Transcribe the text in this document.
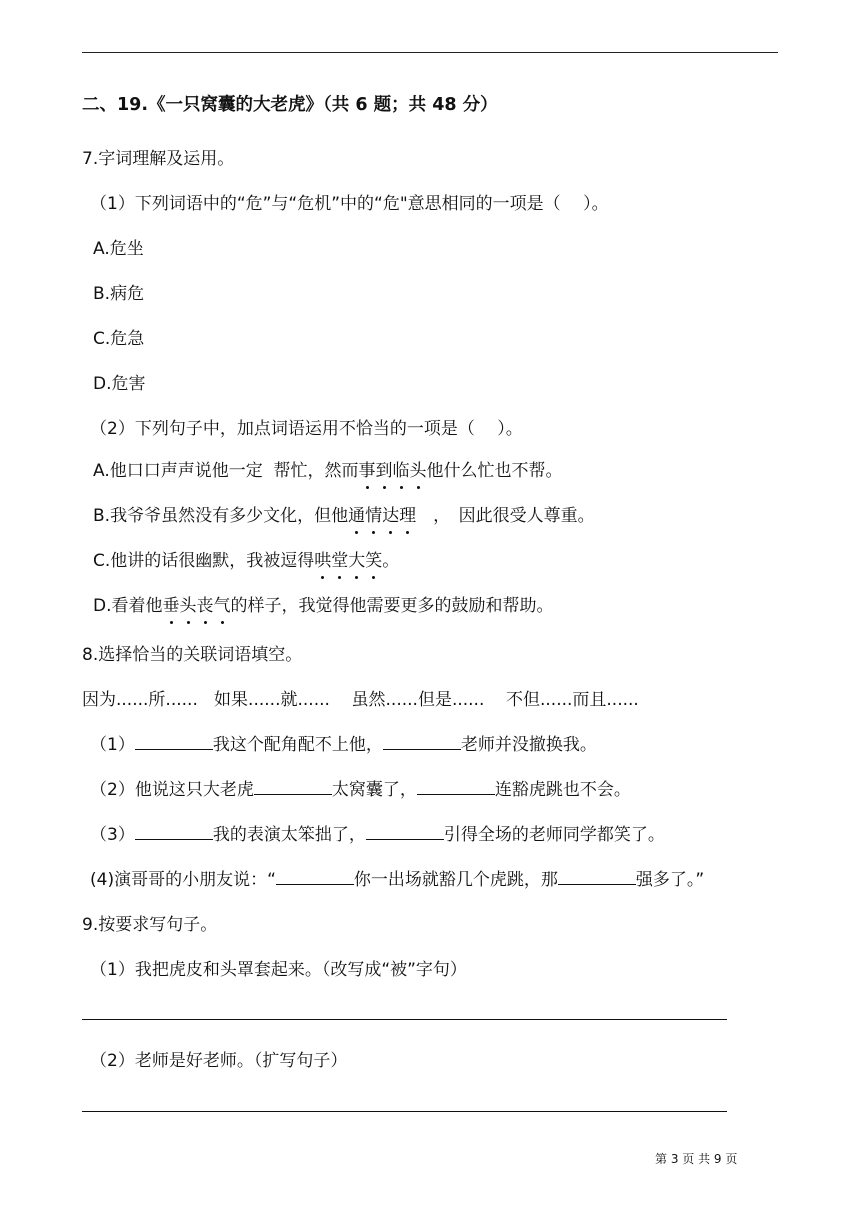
二、19.《一只窝囊的大老虎》（共 6 题；共 48 分）
7.字词理解及运用。
（1）下列词语中的“危”与“危机”中的“危"意思相同的一项是（　 ）。
A.危坐
B.病危
C.危急
D.危害
（2）下列句子中，加点词语运用不恰当的一项是（　 ）。
A.他口口声声说他一定  帮忙，然而事到临头他什么忙也不帮。
B.我爷爷虽然没有多少文化，但他通情达理　，　因此很受人尊重。
C.他讲的话很幽默，我被逗得哄堂大笑。
D.看着他垂头丧气的样子，我觉得他需要更多的鼓励和帮助。
8.选择恰当的关联词语填空。
因为......所......   如果......就......    虽然......但是......    不但......而且......
（1）	我这个配角配不上他，	老师并没撤换我。
（2）他说这只大老虎	太窝囊了，	连豁虎跳也不会。
（3）	我的表演太笨拙了，	引得全场的老师同学都笑了。
(4)演哥哥的小朋友说：“	你一出场就豁几个虎跳，那	强多了。”
9.按要求写句子。
（1）我把虎皮和头罩套起来。（改写成“被”字句）
（2）老师是好老师。（扩写句子）
第 3 页 共 9 页
